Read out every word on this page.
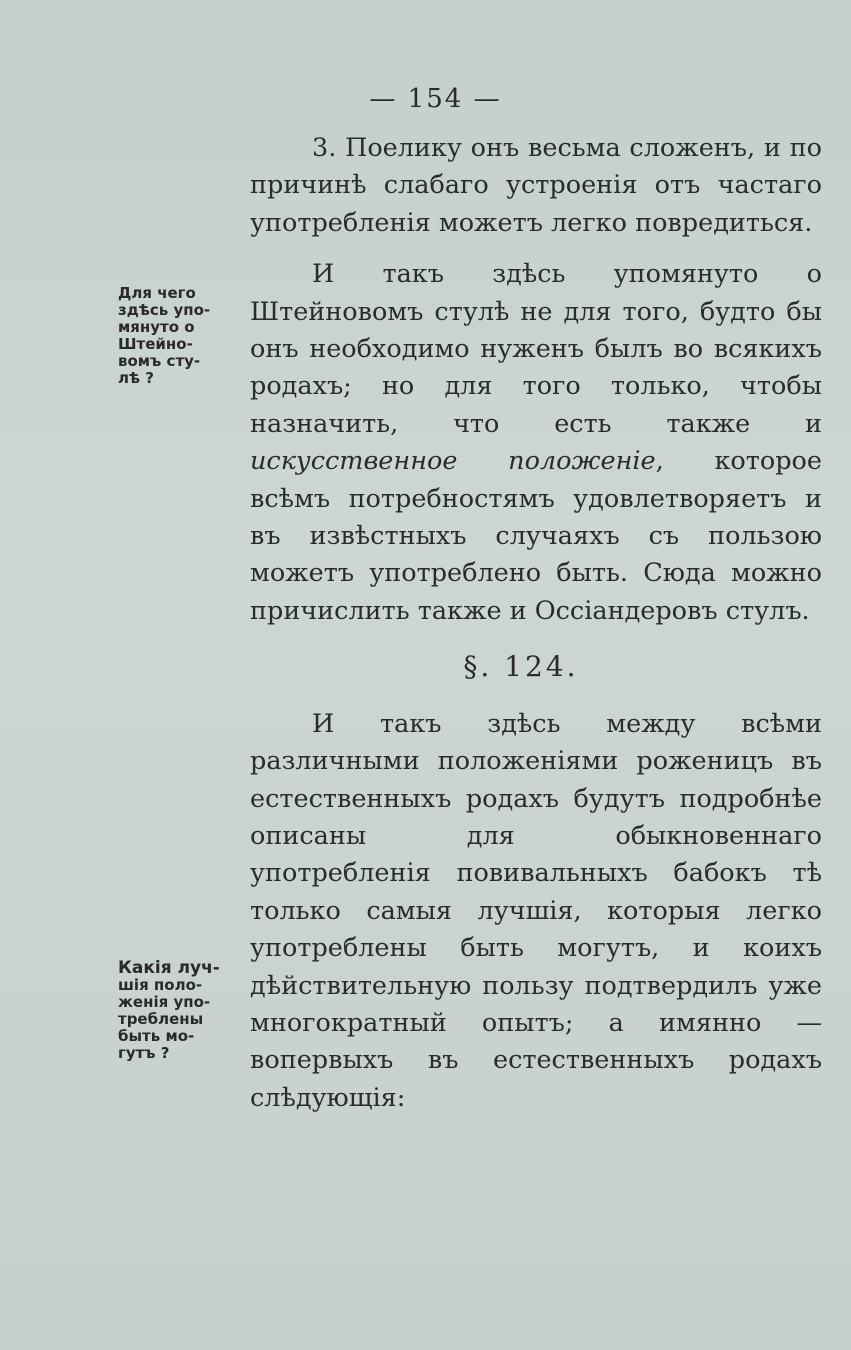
— 154 —
Для чего
здѣсь упо-
мянуто о
Штейно-
вомъ сту-
лѣ ?
Какія луч-
шія поло-
женія упо-
треблены
быть мо-
гутъ ?

3. Поелику онъ весьма сложенъ, и по причинѣ слабаго устроенія отъ частаго употребленія можетъ легко повредиться.

И такъ здѣсь упомянуто о Штейновомъ стулѣ не для того, будто бы онъ необходимо нуженъ былъ во всякихъ родахъ; но для того только, чтобы назначить, что есть также и искусственное положеніе, которое всѣмъ потребностямъ удовлетворяетъ и въ извѣстныхъ случаяхъ съ пользою можетъ употреблено быть. Сюда можно причислить также и Оссіандеровъ стулъ.

§. 124.

И такъ здѣсь между всѣми различными положеніями роженицъ въ естественныхъ родахъ будутъ подробнѣе описаны для обыкновеннаго употребленія повивальныхъ бабокъ тѣ только самыя лучшія, которыя легко употреблены быть могутъ, и коихъ дѣйствительную пользу подтвердилъ уже многократный опытъ; а имянно — вопервыхъ въ естественныхъ родахъ слѣдующія:
